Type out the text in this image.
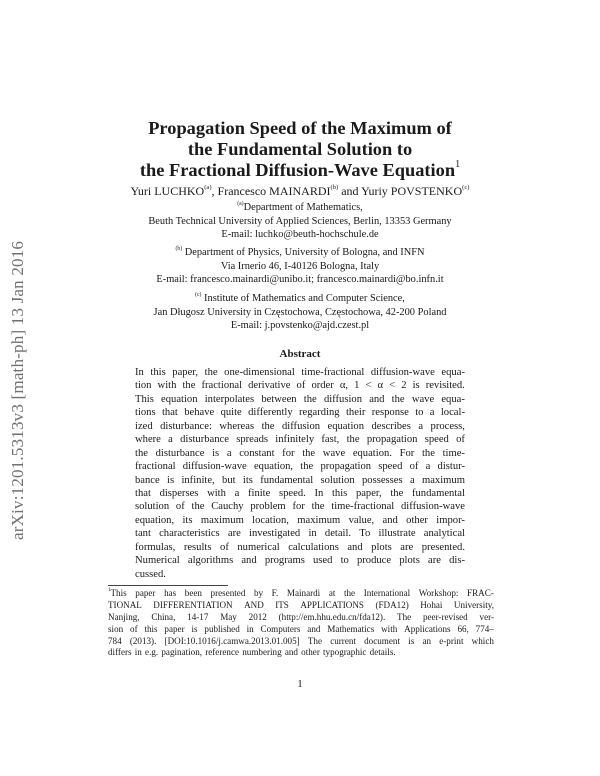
arXiv:1201.5313v3 [math-ph] 13 Jan 2016
Propagation Speed of the Maximum of
the Fundamental Solution to
the Fractional Diffusion-Wave Equation$^1$
Yuri LUCHKO$^{(a)}$, Francesco MAINARDI$^{(b)}$ and Yuriy POVSTENKO$^{(c)}$
$^{(a)}$Department of Mathematics,
Beuth Technical University of Applied Sciences, Berlin, 13353 Germany
E-mail: luchko@beuth-hochschule.de
$^{(b)}$ Department of Physics, University of Bologna, and INFN
Via Irnerio 46, I-40126 Bologna, Italy
E-mail: francesco.mainardi@unibo.it; francesco.mainardi@bo.infn.it
$^{(c)}$ Institute of Mathematics and Computer Science,
Jan Długosz University in Częstochowa, Częstochowa, 42-200 Poland
E-mail: j.povstenko@ajd.czest.pl
Abstract
In this paper, the one-dimensional time-fractional diffusion-wave equa-
tion with the fractional derivative of order α, 1 < α < 2 is revisited.
This equation interpolates between the diffusion and the wave equa-
tions that behave quite differently regarding their response to a local-
ized disturbance: whereas the diffusion equation describes a process,
where a disturbance spreads infinitely fast, the propagation speed of
the disturbance is a constant for the wave equation. For the time-
fractional diffusion-wave equation, the propagation speed of a distur-
bance is infinite, but its fundamental solution possesses a maximum
that disperses with a finite speed. In this paper, the fundamental
solution of the Cauchy problem for the time-fractional diffusion-wave
equation, its maximum location, maximum value, and other impor-
tant characteristics are investigated in detail. To illustrate analytical
formulas, results of numerical calculations and plots are presented.
Numerical algorithms and programs used to produce plots are dis-
cussed.
$^1$This paper has been presented by F. Mainardi at the International Workshop: FRAC-
TIONAL DIFFERENTIATION AND ITS APPLICATIONS (FDA12) Hohai University,
Nanjing, China, 14-17 May 2012 (http://em.hhu.edu.cn/fda12). The peer-revised ver-
sion of this paper is published in Computers and Mathematics with Applications 66, 774–
784 (2013). [DOI:10.1016/j.camwa.2013.01.005] The current document is an e-print which
differs in e.g. pagination, reference numbering and other typographic details.
1
